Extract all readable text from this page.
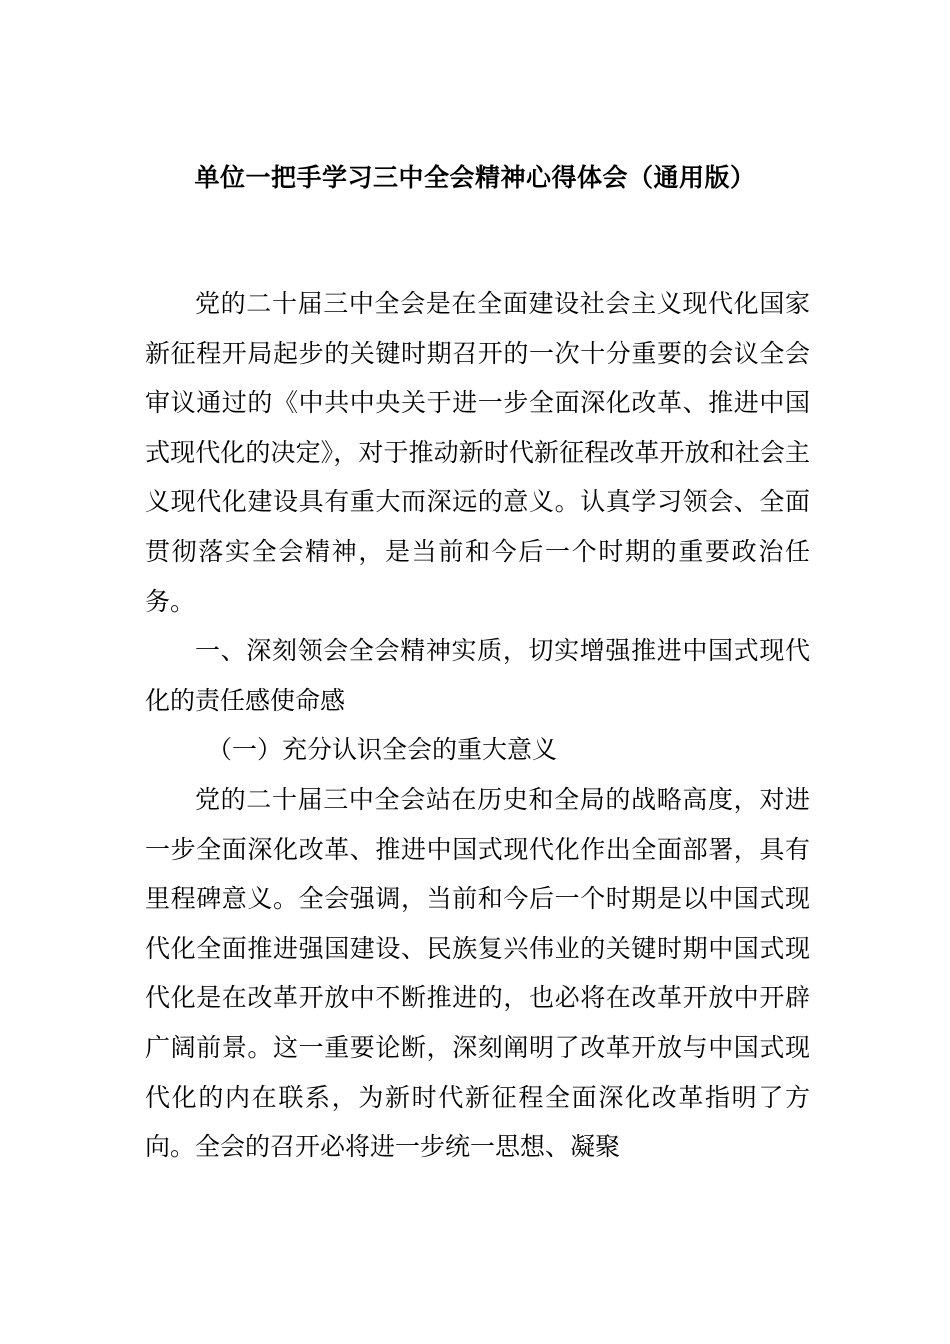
单位一把手学习三中全会精神心得体会（通用版）

党的二十届三中全会是在全面建设社会主义现代化国家新征程开局起步的关键时期召开的一次十分重要的会议全会审议通过的《中共中央关于进一步全面深化改革、推进中国式现代化的决定》，对于推动新时代新征程改革开放和社会主义现代化建设具有重大而深远的意义。认真学习领会、全面贯彻落实全会精神，是当前和今后一个时期的重要政治任务。

一、深刻领会全会精神实质，切实增强推进中国式现代化的责任感使命感

（一）充分认识全会的重大意义

党的二十届三中全会站在历史和全局的战略高度，对进一步全面深化改革、推进中国式现代化作出全面部署，具有里程碑意义。全会强调，当前和今后一个时期是以中国式现代化全面推进强国建设、民族复兴伟业的关键时期中国式现代化是在改革开放中不断推进的，也必将在改革开放中开辟广阔前景。这一重要论断，深刻阐明了改革开放与中国式现代化的内在联系，为新时代新征程全面深化改革指明了方向。全会的召开必将进一步统一思想、凝聚
